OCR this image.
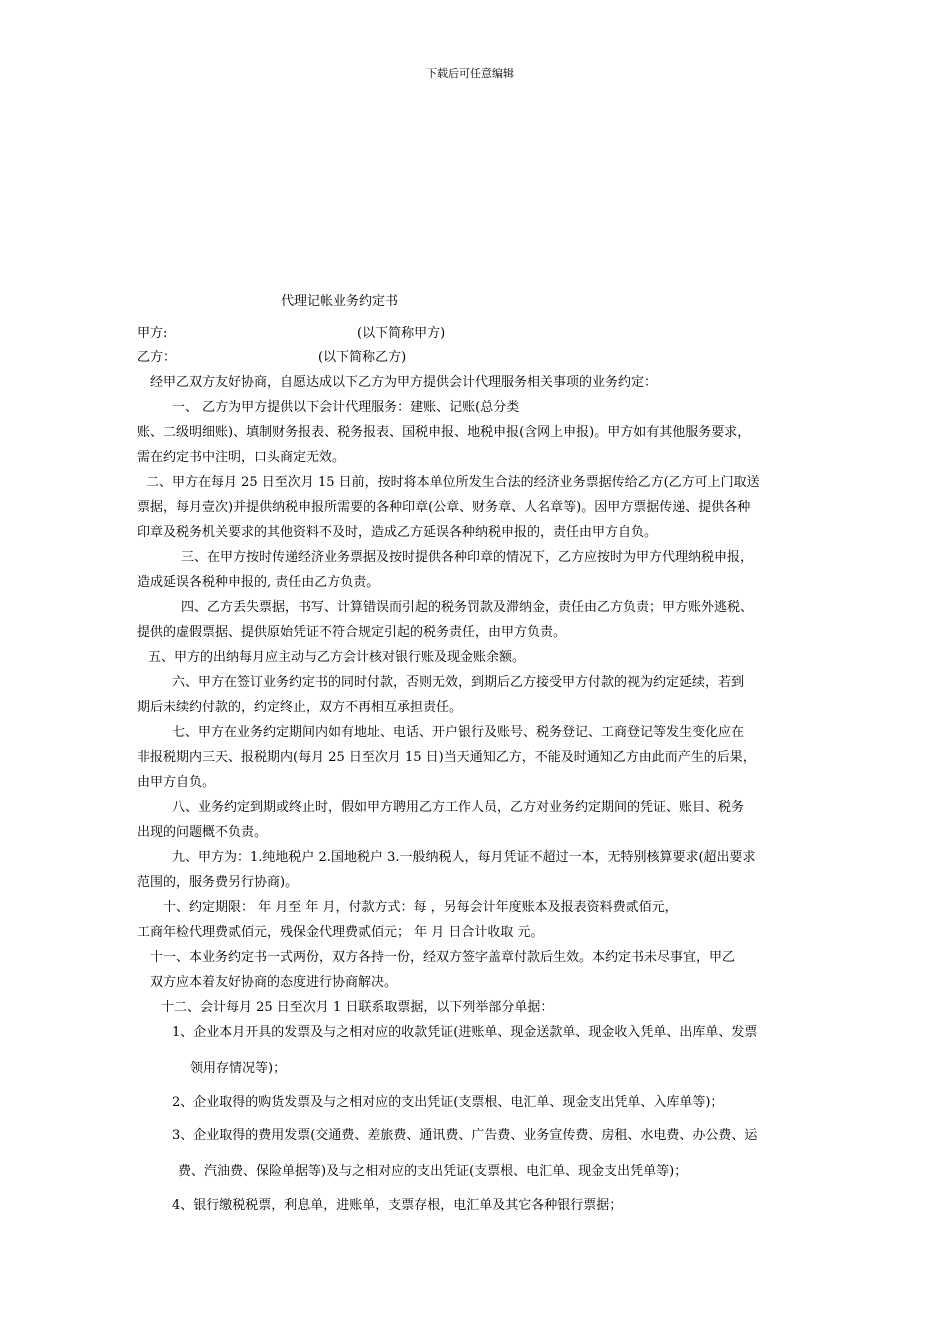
下载后可任意编辑
代理记帐业务约定书
甲方:	(以下简称甲方)
乙方：	(以下简称乙方)
经甲乙双方友好协商，自愿达成以下乙方为甲方提供会计代理服务相关事项的业务约定：
一、 乙方为甲方提供以下会计代理服务：建账、记账(总分类
账、二级明细账)、填制财务报表、税务报表、国税申报、地税申报(含网上申报)。甲方如有其他服务要求，
需在约定书中注明，口头商定无效。
二、甲方在每月 25 日至次月 15 日前，按时将本单位所发生合法的经济业务票据传给乙方(乙方可上门取送
票据，每月壹次)并提供纳税申报所需要的各种印章(公章、财务章、人名章等)。因甲方票据传递、提供各种
印章及税务机关要求的其他资料不及时，造成乙方延误各种纳税申报的，责任由甲方自负。
三、在甲方按时传递经济业务票据及按时提供各种印章的情况下，乙方应按时为甲方代理纳税申报，
造成延误各税种申报的, 责任由乙方负责。
四、乙方丢失票据，书写、计算错误而引起的税务罚款及滞纳金，责任由乙方负责；甲方账外逃税、
提供的虚假票据、提供原始凭证不符合规定引起的税务责任，由甲方负责。
五、甲方的出纳每月应主动与乙方会计核对银行账及现金账余额。
六、甲方在签订业务约定书的同时付款，否则无效，到期后乙方接受甲方付款的视为约定延续，若到
期后未续约付款的，约定终止，双方不再相互承担责任。
七、甲方在业务约定期间内如有地址、电话、开户银行及账号、税务登记、工商登记等发生变化应在
非报税期内三天、报税期内(每月 25 日至次月 15 日)当天通知乙方，不能及时通知乙方由此而产生的后果，
由甲方自负。
八、业务约定到期或终止时，假如甲方聘用乙方工作人员，乙方对业务约定期间的凭证、账目、税务
出现的问题概不负责。
九、甲方为：1.纯地税户 2.国地税户 3.一般纳税人，每月凭证不超过一本，无特别核算要求(超出要求
范围的，服务费另行协商)。
十、约定期限： 年 月至 年 月，付款方式：每 ，另每会计年度账本及报表资料费贰佰元，
工商年检代理费贰佰元，残保金代理费贰佰元； 年 月 日合计收取 元。
十一、本业务约定书一式两份，双方各持一份，经双方签字盖章付款后生效。本约定书未尽事宜，甲乙
双方应本着友好协商的态度进行协商解决。
十二、会计每月 25 日至次月 1 日联系取票据，以下列举部分单据：
1、企业本月开具的发票及与之相对应的收款凭证(进账单、现金送款单、现金收入凭单、出库单、发票
领用存情况等)；
2、企业取得的购货发票及与之相对应的支出凭证(支票根、电汇单、现金支出凭单、入库单等)；
3、企业取得的费用发票(交通费、差旅费、通讯费、广告费、业务宣传费、房租、水电费、办公费、运
费、汽油费、保险单据等)及与之相对应的支出凭证(支票根、电汇单、现金支出凭单等)；
4、银行缴税税票，利息单，进账单，支票存根，电汇单及其它各种银行票据；
